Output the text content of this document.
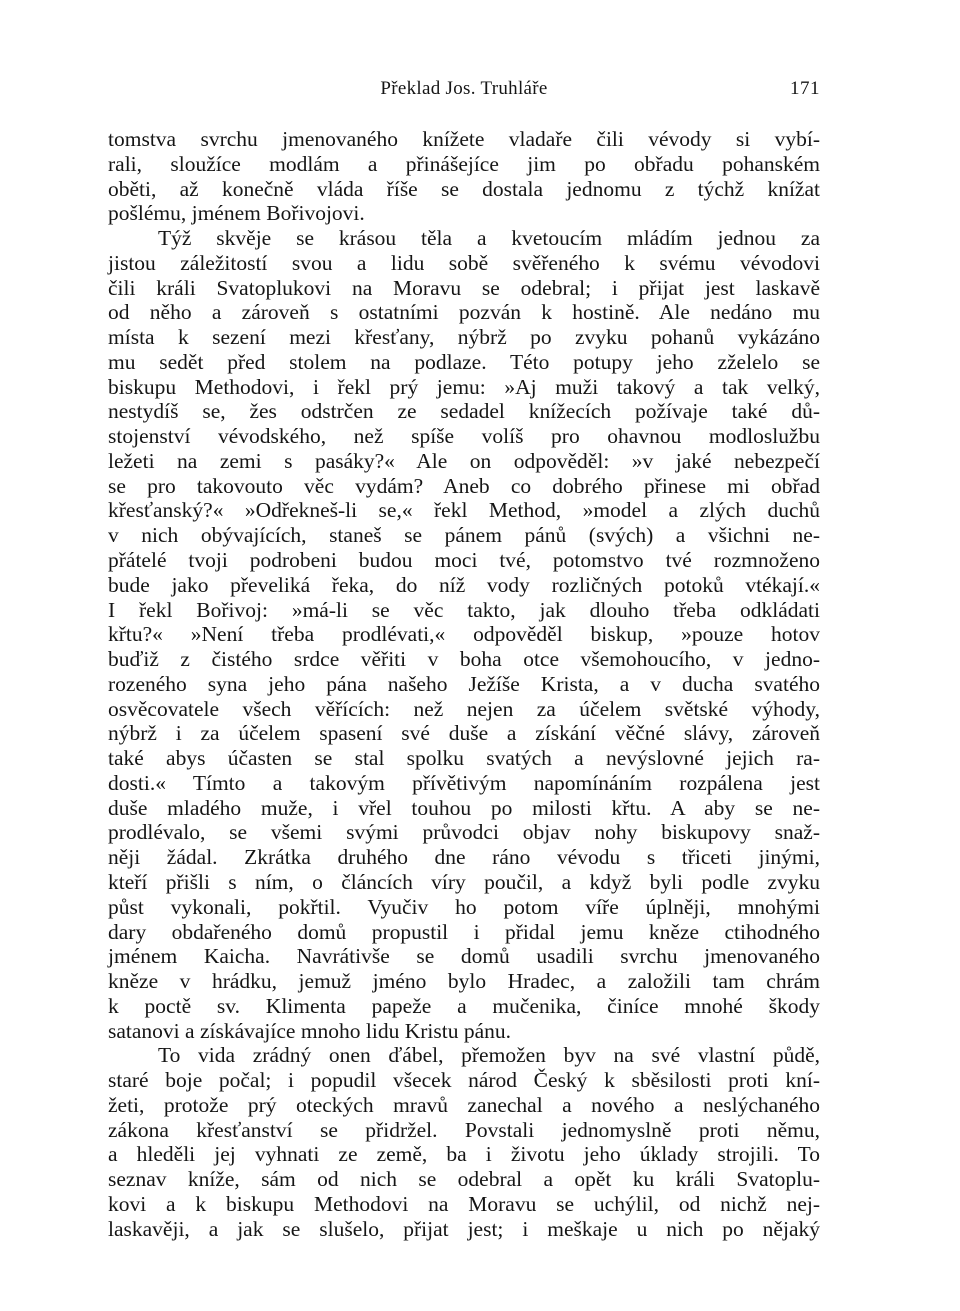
Překlad Jos. Truhláře	171
tomstva svrchu jmenovaného knížete vladaře čili vévody si vybí-
rali, sloužíce modlám a přinášejíce jim po obřadu pohanském
oběti, až konečně vláda říše se dostala jednomu z týchž knížat
pošlému, jménem Bořivojovi.
Týž skvěje se krásou těla a kvetoucím mládím jednou za
jistou záležitostí svou a lidu sobě svěřeného k svému vévodovi
čili králi Svatoplukovi na Moravu se odebral; i přijat jest laskavě
od něho a zároveň s ostatními pozván k hostině. Ale nedáno mu
místa k sezení mezi křesťany, nýbrž po zvyku pohanů vykázáno
mu sedět před stolem na podlaze. Této potupy jeho zželelo se
biskupu Methodovi, i řekl prý jemu: »Aj muži takový a tak velký,
nestydíš se, žes odstrčen ze sedadel knížecích požívaje také dů-
stojenství vévodského, než spíše volíš pro ohavnou modloslužbu
ležeti na zemi s pasáky?« Ale on odpověděl: »v jaké nebezpečí
se pro takovouto věc vydám? Aneb co dobrého přinese mi obřad
křesťanský?« »Odřekneš-li se,« řekl Method, »model a zlých duchů
v nich obývajících, staneš se pánem pánů (svých) a všichni ne-
přátelé tvoji podrobeni budou moci tvé, potomstvo tvé rozmnoženo
bude jako převeliká řeka, do níž vody rozličných potoků vtékají.«
I řekl Bořivoj: »má-li se věc takto, jak dlouho třeba odkládati
křtu?« »Není třeba prodlévati,« odpověděl biskup, »pouze hotov
buďiž z čistého srdce věřiti v boha otce všemohoucího, v jedno-
rozeného syna jeho pána našeho Ježíše Krista, a v ducha svatého
osvěcovatele všech věřících: než nejen za účelem světské výhody,
nýbrž i za účelem spasení své duše a získání věčné slávy, zároveň
také abys účasten se stal spolku svatých a nevýslovné jejich ra-
dosti.« Tímto a takovým přívětivým napomínáním rozpálena jest
duše mladého muže, i vřel touhou po milosti křtu. A aby se ne-
prodlévalo, se všemi svými průvodci objav nohy biskupovy snaž-
něji žádal. Zkrátka druhého dne ráno vévodu s třiceti jinými,
kteří přišli s ním, o článcích víry poučil, a když byli podle zvyku
půst vykonali, pokřtil. Vyučiv ho potom víře úplněji, mnohými
dary obdařeného domů propustil i přidal jemu kněze ctihodného
jménem Kaicha. Navrátivše se domů usadili svrchu jmenovaného
kněze v hrádku, jemuž jméno bylo Hradec, a založili tam chrám
k poctě sv. Klimenta papeže a mučenika, činíce mnohé škody
satanovi a získávajíce mnoho lidu Kristu pánu.
To vida zrádný onen ďábel, přemožen byv na své vlastní půdě,
staré boje počal; i popudil všecek národ Český k sběsilosti proti kní-
žeti, protože prý oteckých mravů zanechal a nového a neslýchaného
zákona křesťanství se přidržel. Povstali jednomyslně proti němu,
a hleděli jej vyhnati ze země, ba i životu jeho úklady strojili. To
seznav kníže, sám od nich se odebral a opět ku králi Svatoplu-
kovi a k biskupu Methodovi na Moravu se uchýlil, od nichž nej-
laskavěji, a jak se slušelo, přijat jest; i meškaje u nich po nějaký
